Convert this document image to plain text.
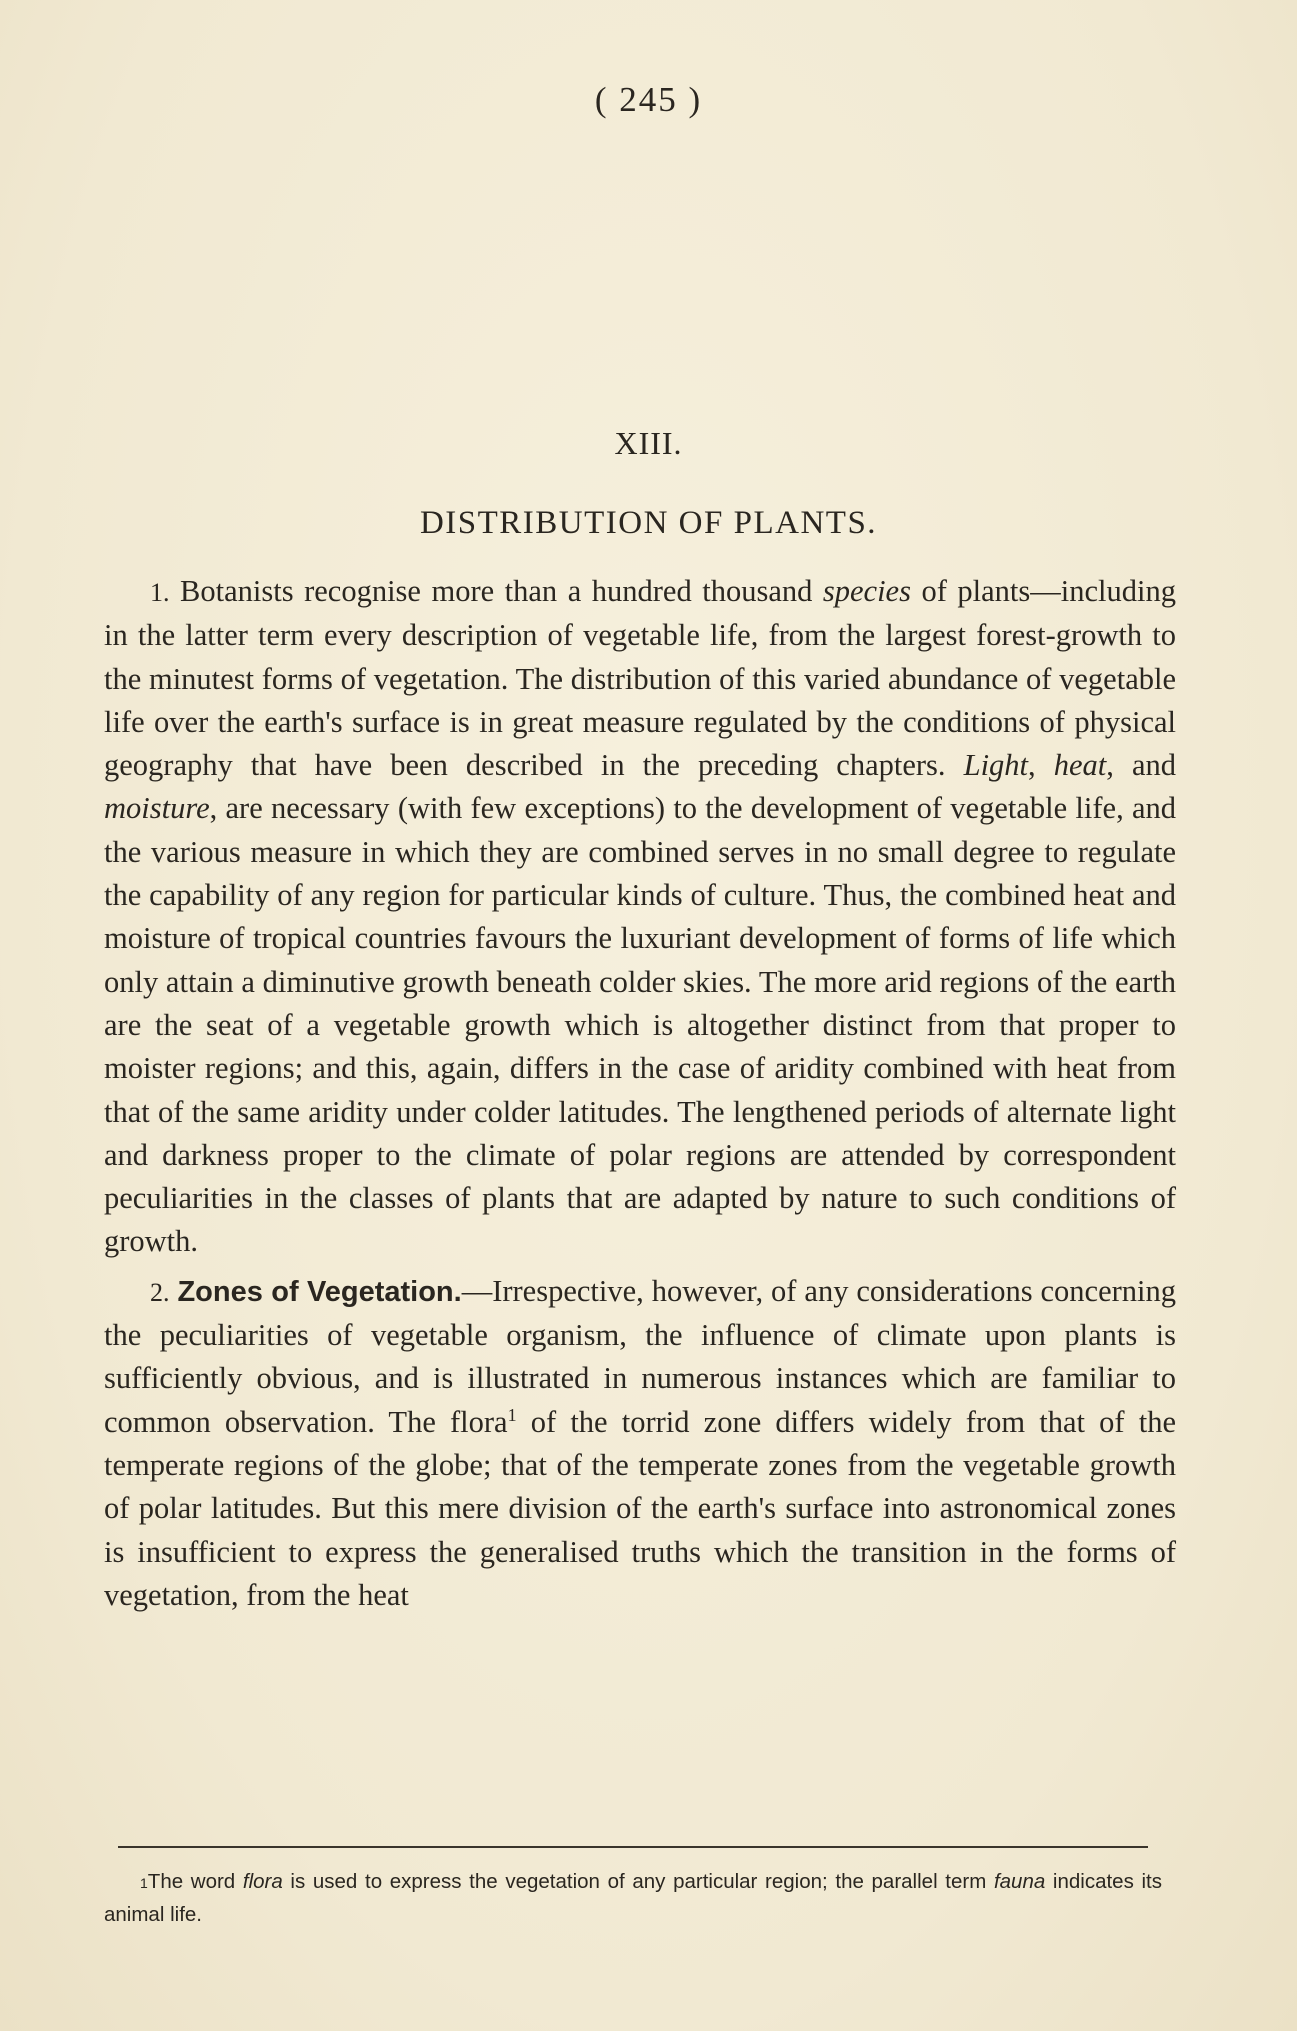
( 245 )
XIII.
DISTRIBUTION OF PLANTS.

1. Botanists recognise more than a hundred thousand species of plants—including in the latter term every description of vegetable life, from the largest forest-growth to the minutest forms of vegetation. The distribution of this varied abundance of vegetable life over the earth's surface is in great measure regulated by the conditions of physical geography that have been described in the preceding chapters. Light, heat, and moisture, are necessary (with few exceptions) to the development of vegetable life, and the various measure in which they are combined serves in no small degree to regulate the capability of any region for particular kinds of culture. Thus, the combined heat and moisture of tropical countries favours the luxuriant development of forms of life which only attain a diminutive growth beneath colder skies. The more arid regions of the earth are the seat of a vegetable growth which is altogether distinct from that proper to moister regions; and this, again, differs in the case of aridity combined with heat from that of the same aridity under colder latitudes. The lengthened periods of alternate light and darkness proper to the climate of polar regions are attended by correspondent peculiarities in the classes of plants that are adapted by nature to such conditions of growth.

2. Zones of Vegetation.—Irrespective, however, of any considerations concerning the peculiarities of vegetable organism, the influence of climate upon plants is sufficiently obvious, and is illustrated in numerous instances which are familiar to common observation. The flora$^1$ of the torrid zone differs widely from that of the temperate regions of the globe; that of the temperate zones from the vegetable growth of polar latitudes. But this mere division of the earth's surface into astronomical zones is insufficient to express the generalised truths which the transition in the forms of vegetation, from the heat

1The word flora is used to express the vegetation of any particular region; the parallel term fauna indicates its animal life.
